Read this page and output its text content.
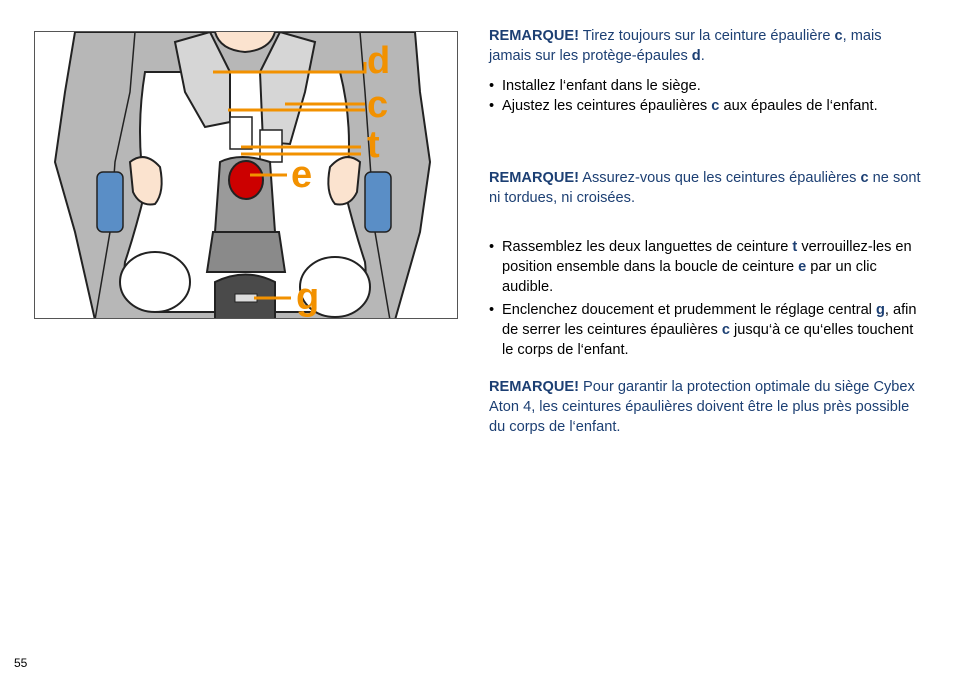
d
c
t
e
g

REMARQUE! Tirez toujours sur la ceinture épaulière c, mais jamais sur les protège-épaules d.

• Installez l‘enfant dans le siège.
• Ajustez les ceintures épaulières c aux épaules de l‘enfant.

REMARQUE! Assurez-vous que les ceintures épaulières c ne sont ni tordues, ni croisées.

• Rassemblez les deux languettes de ceinture t verrouillez-les en position ensemble dans la boucle de ceinture e par un clic audible.
• Enclenchez doucement et prudemment le réglage central g, afin de serrer les ceintures épaulières c jusqu‘à ce qu‘elles touchent le corps de l‘enfant.

REMARQUE! Pour garantir la protection optimale du siège Cybex Aton 4, les ceintures épaulières doivent être le plus près possible du corps de l‘enfant.

55
